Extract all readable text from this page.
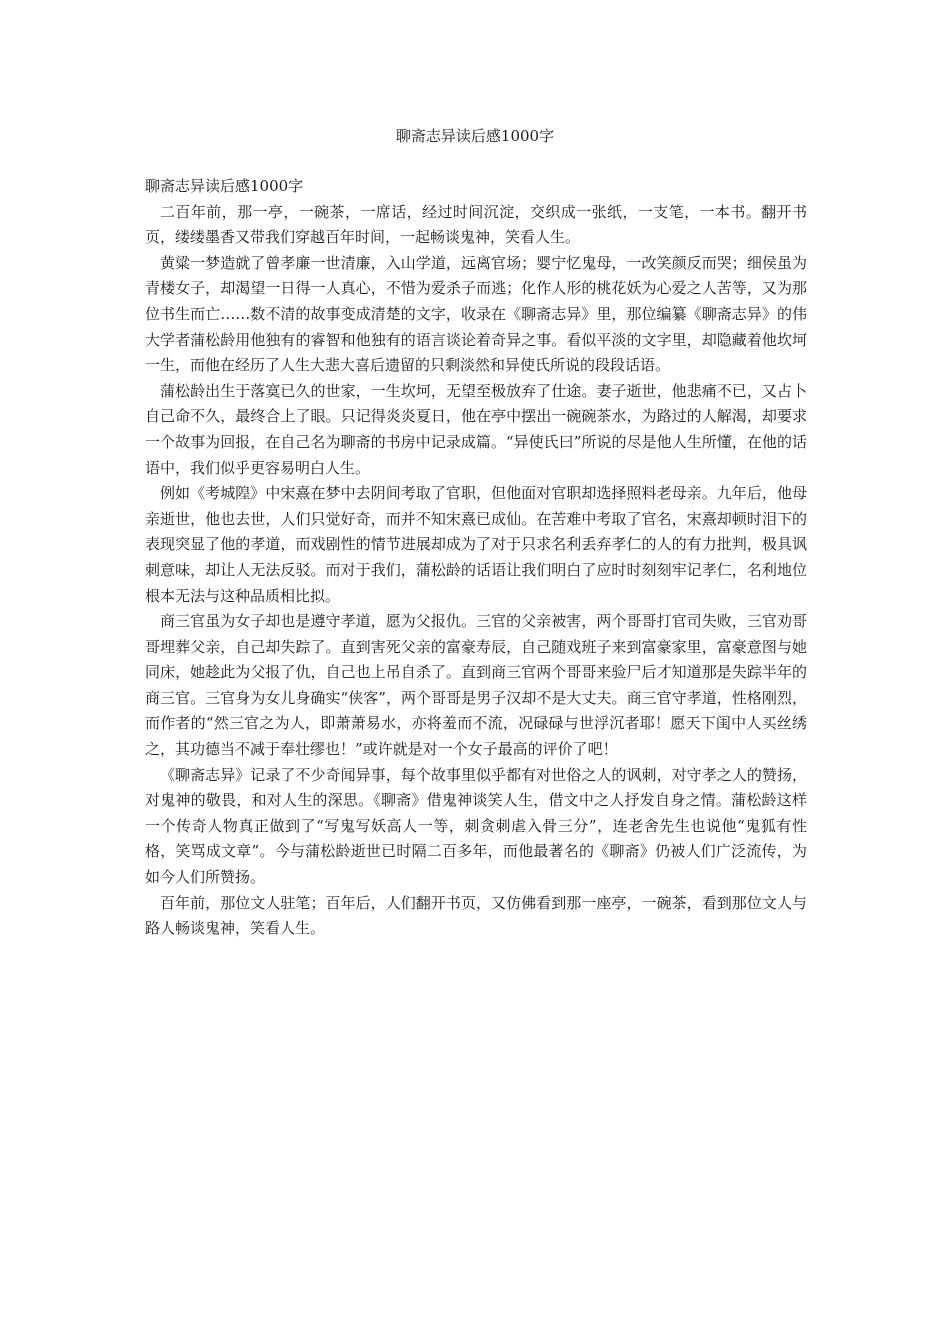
聊斋志异读后感1000字

聊斋志异读后感1000字

二百年前，那一亭，一碗茶，一席话，经过时间沉淀，交织成一张纸，一支笔，一本书。翻开书页，缕缕墨香又带我们穿越百年时间，一起畅谈鬼神，笑看人生。

黄粱一梦造就了曾孝廉一世清廉，入山学道，远离官场；婴宁忆鬼母，一改笑颜反而哭；细侯虽为青楼女子，却渴望一日得一人真心，不惜为爱杀子而逃；化作人形的桃花妖为心爱之人苦等，又为那位书生而亡……数不清的故事变成清楚的文字，收录在《聊斋志异》里，那位编纂《聊斋志异》的伟大学者蒲松龄用他独有的睿智和他独有的语言谈论着奇异之事。看似平淡的文字里，却隐藏着他坎坷一生，而他在经历了人生大悲大喜后遗留的只剩淡然和异使氏所说的段段话语。

蒲松龄出生于落寞已久的世家，一生坎坷，无望至极放弃了仕途。妻子逝世，他悲痛不已，又占卜自己命不久，最终合上了眼。只记得炎炎夏日，他在亭中摆出一碗碗茶水，为路过的人解渴，却要求一个故事为回报，在自己名为聊斋的书房中记录成篇。“异使氏曰”所说的尽是他人生所懂，在他的话语中，我们似乎更容易明白人生。

例如《考城隍》中宋熹在梦中去阴间考取了官职，但他面对官职却选择照料老母亲。九年后，他母亲逝世，他也去世，人们只觉好奇，而并不知宋熹已成仙。在苦难中考取了官名，宋熹却顿时泪下的表现突显了他的孝道，而戏剧性的情节进展却成为了对于只求名利丢弃孝仁的人的有力批判，极具讽刺意味，却让人无法反驳。而对于我们，蒲松龄的话语让我们明白了应时时刻刻牢记孝仁，名利地位根本无法与这种品质相比拟。

商三官虽为女子却也是遵守孝道，愿为父报仇。三官的父亲被害，两个哥哥打官司失败，三官劝哥哥埋葬父亲，自己却失踪了。直到害死父亲的富豪寿辰，自己随戏班子来到富豪家里，富豪意图与她同床，她趁此为父报了仇，自己也上吊自杀了。直到商三官两个哥哥来验尸后才知道那是失踪半年的商三官。三官身为女儿身确实“侠客”，两个哥哥是男子汉却不是大丈夫。商三官守孝道，性格刚烈，而作者的“然三官之为人，即萧萧易水，亦将羞而不流，况碌碌与世浮沉者耶！愿天下闺中人买丝绣之，其功德当不减于奉壮缪也！”或许就是对一个女子最高的评价了吧！

《聊斋志异》记录了不少奇闻异事，每个故事里似乎都有对世俗之人的讽刺，对守孝之人的赞扬，对鬼神的敬畏，和对人生的深思。《聊斋》借鬼神谈笑人生，借文中之人抒发自身之情。蒲松龄这样一个传奇人物真正做到了“写鬼写妖高人一等，刺贪刺虐入骨三分”，连老舍先生也说他“鬼狐有性格，笑骂成文章”。今与蒲松龄逝世已时隔二百多年，而他最著名的《聊斋》仍被人们广泛流传，为如今人们所赞扬。

百年前，那位文人驻笔；百年后，人们翻开书页，又仿佛看到那一座亭，一碗茶，看到那位文人与路人畅谈鬼神，笑看人生。
